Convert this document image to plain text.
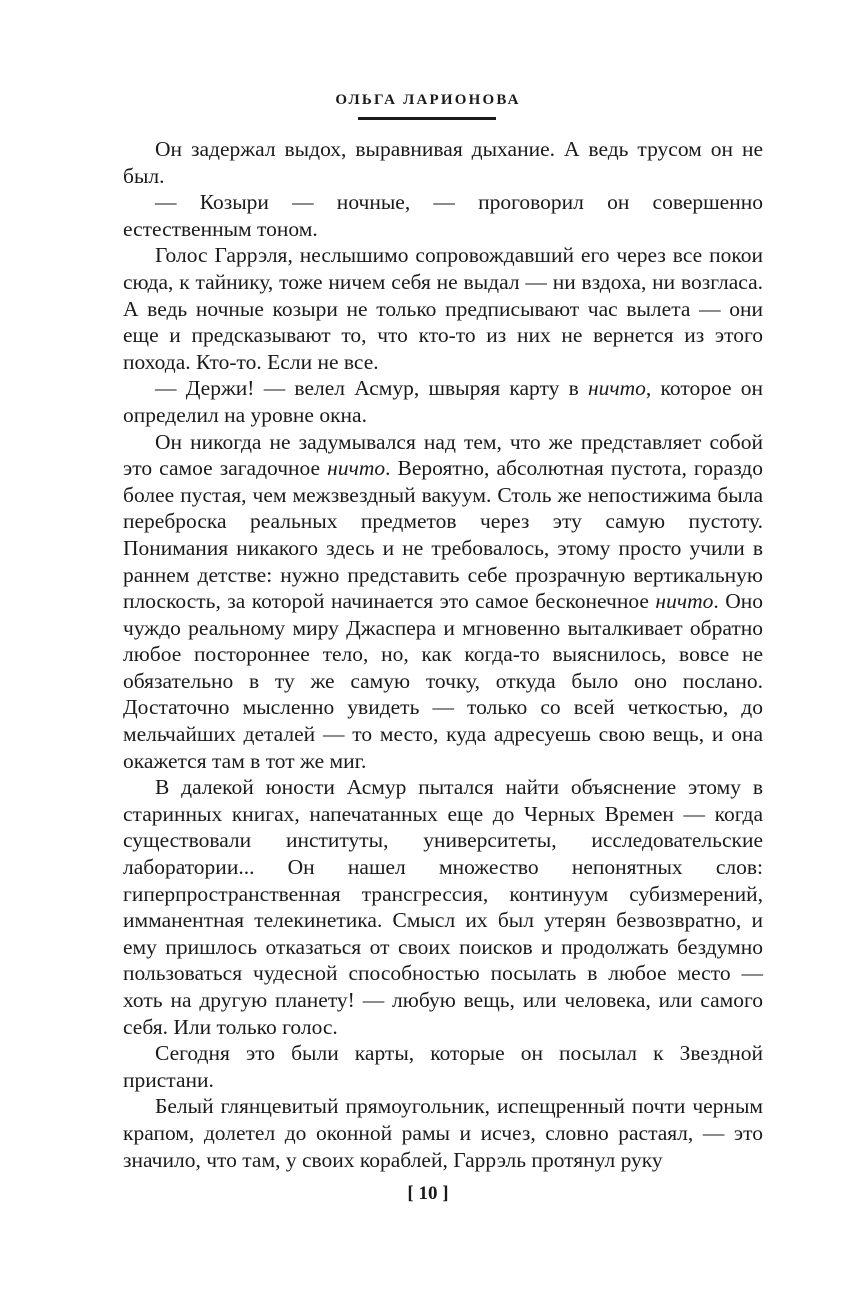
ОЛЬГА ЛАРИОНОВА

Он задержал выдох, выравнивая дыхание. А ведь трусом он не был.

— Козыри — ночные, — проговорил он совершенно естественным тоном.

Голос Гаррэля, неслышимо сопровождавший его через все покои сюда, к тайнику, тоже ничем себя не выдал — ни вздоха, ни возгласа. А ведь ночные козыри не только предписывают час вылета — они еще и предсказывают то, что кто-то из них не вернется из этого похода. Кто-то. Если не все.

— Держи! — велел Асмур, швыряя карту в ничто, которое он определил на уровне окна.

Он никогда не задумывался над тем, что же представляет собой это самое загадочное ничто. Вероятно, абсолютная пустота, гораздо более пустая, чем межзвездный вакуум. Столь же непостижима была переброска реальных предметов через эту самую пустоту. Понимания никакого здесь и не требовалось, этому просто учили в раннем детстве: нужно представить себе прозрачную вертикальную плоскость, за которой начинается это самое бесконечное ничто. Оно чуждо реальному миру Джаспера и мгновенно выталкивает обратно любое постороннее тело, но, как когда-то выяснилось, вовсе не обязательно в ту же самую точку, откуда было оно послано. Достаточно мысленно увидеть — только со всей четкостью, до мельчайших деталей — то место, куда адресуешь свою вещь, и она окажется там в тот же миг.

В далекой юности Асмур пытался найти объяснение этому в старинных книгах, напечатанных еще до Черных Времен — когда существовали институты, университеты, исследовательские лаборатории... Он нашел множество непонятных слов: гиперпространственная трансгрессия, континуум субизмерений, имманентная телекинетика. Смысл их был утерян безвозвратно, и ему пришлось отказаться от своих поисков и продолжать бездумно пользоваться чудесной способностью посылать в любое место — хоть на другую планету! — любую вещь, или человека, или самого себя. Или только голос.

Сегодня это были карты, которые он посылал к Звездной пристани.

Белый глянцевитый прямоугольник, испещренный почти черным крапом, долетел до оконной рамы и исчез, словно растаял, — это значило, что там, у своих кораблей, Гаррэль протянул руку

[ 10 ]
